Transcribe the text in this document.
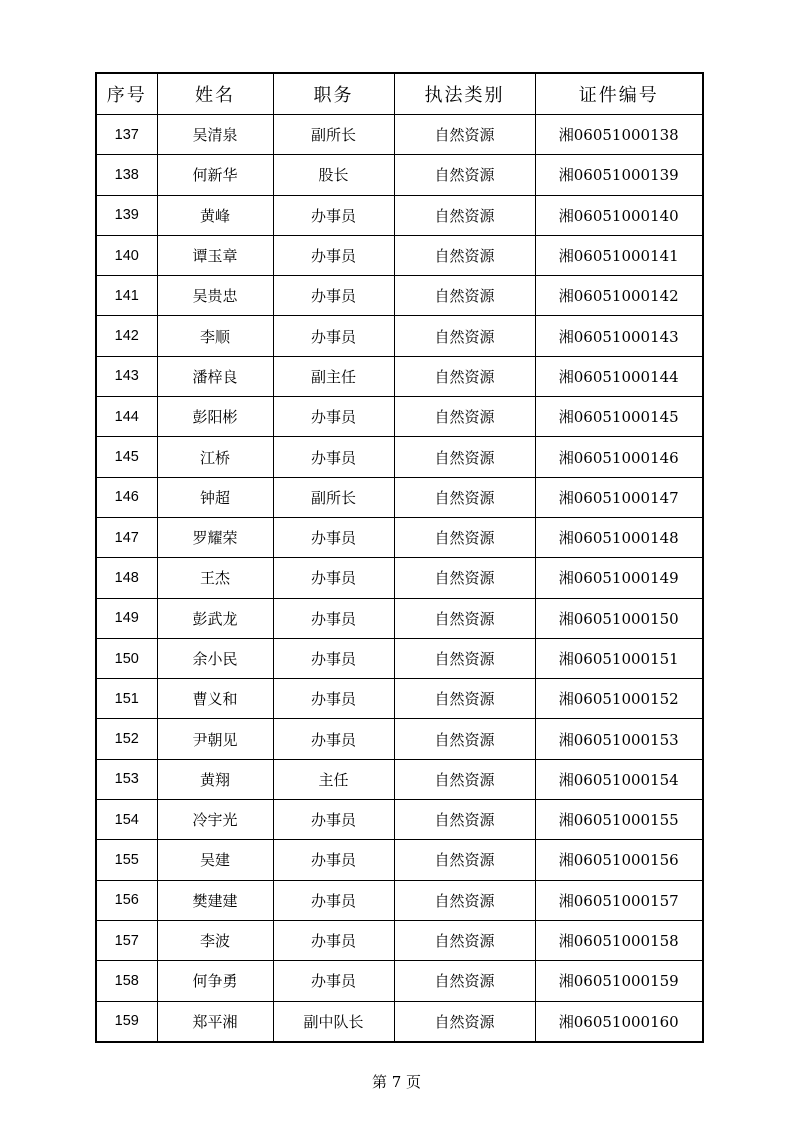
序号	姓名	职务	执法类别	证件编号
137	吴清泉	副所长	自然资源	湘06051000138
138	何新华	股长	自然资源	湘06051000139
139	黄峰	办事员	自然资源	湘06051000140
140	谭玉章	办事员	自然资源	湘06051000141
141	吴贵忠	办事员	自然资源	湘06051000142
142	李顺	办事员	自然资源	湘06051000143
143	潘梓良	副主任	自然资源	湘06051000144
144	彭阳彬	办事员	自然资源	湘06051000145
145	江桥	办事员	自然资源	湘06051000146
146	钟超	副所长	自然资源	湘06051000147
147	罗耀荣	办事员	自然资源	湘06051000148
148	王杰	办事员	自然资源	湘06051000149
149	彭武龙	办事员	自然资源	湘06051000150
150	余小民	办事员	自然资源	湘06051000151
151	曹义和	办事员	自然资源	湘06051000152
152	尹朝见	办事员	自然资源	湘06051000153
153	黄翔	主任	自然资源	湘06051000154
154	冷宇光	办事员	自然资源	湘06051000155
155	吴建	办事员	自然资源	湘06051000156
156	樊建建	办事员	自然资源	湘06051000157
157	李波	办事员	自然资源	湘06051000158
158	何争勇	办事员	自然资源	湘06051000159
159	郑平湘	副中队长	自然资源	湘06051000160
第 7 页
